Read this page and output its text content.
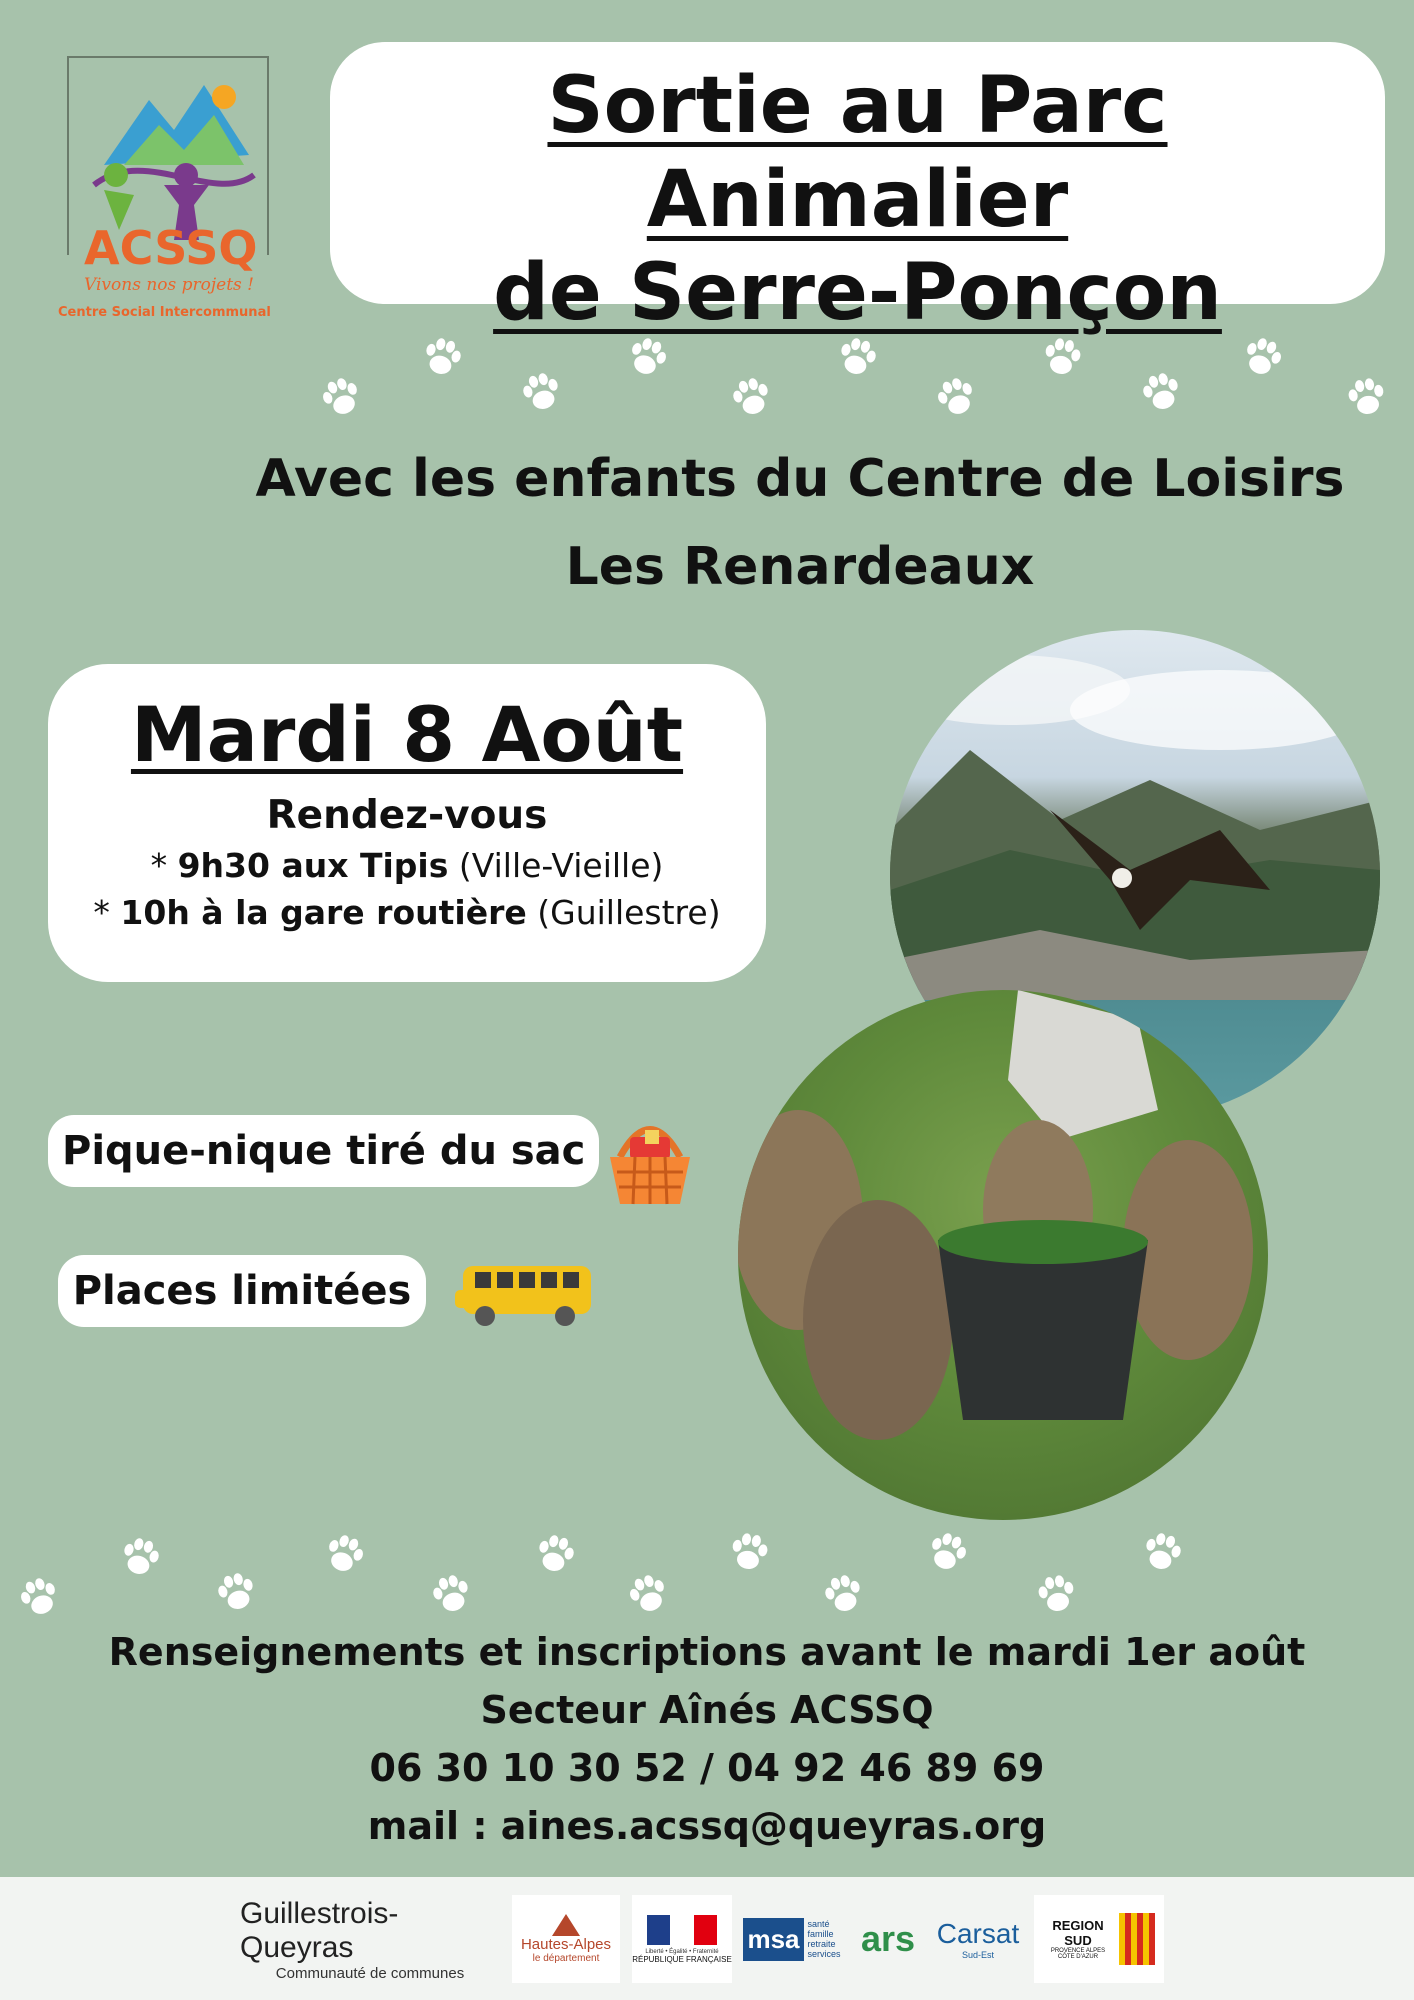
ACSSQ
Vivons nos projets !
Centre Social Intercommunal
Sortie au Parc Animalier
de Serre-Ponçon
Avec les enfants du Centre de Loisirs
Les Renardeaux
Mardi 8 Août
Rendez-vous
* 9h30 aux Tipis (Ville-Vieille)
* 10h à la gare routière (Guillestre)
Pique-nique tiré du sac
Places limitées
Renseignements et inscriptions avant le mardi 1er août
Secteur Aînés ACSSQ
06 30 10 30 52 / 04 92 46 89 69
mail : aines.acssq@queyras.org
Guillestrois-Queyras
Communauté de communes
Hautes-Alpes
le département
Liberté • Égalité • Fraternité
RÉPUBLIQUE FRANÇAISE
msa santé
famille
retraite
services ars Carsat
Sud-Est
REGION
SUD
PROVENCE ALPES CÔTE D'AZUR
